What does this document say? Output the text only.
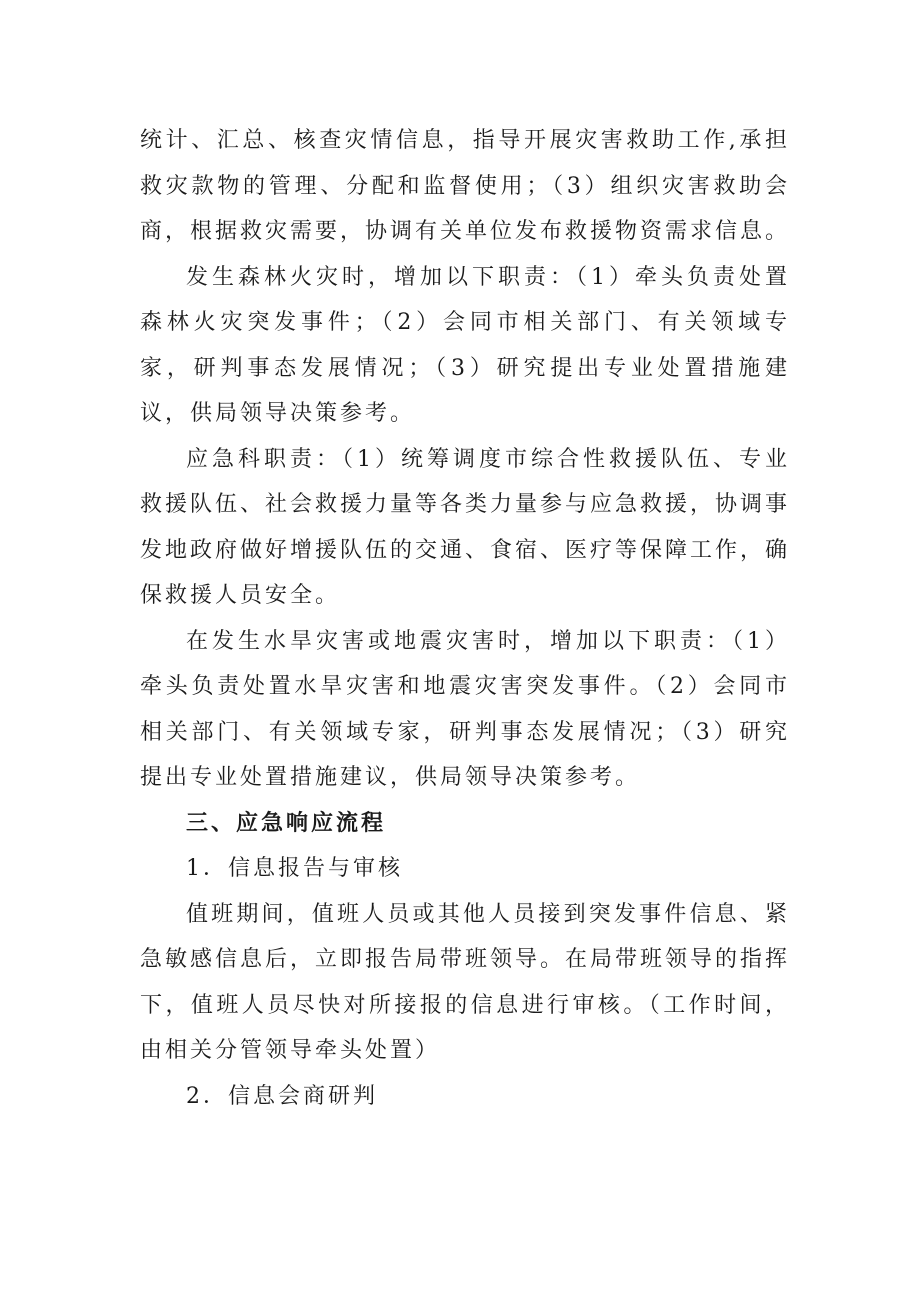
统计、汇总、核查灾情信息，指导开展灾害救助工作,承担救灾款物的管理、分配和监督使用；（3）组织灾害救助会商，根据救灾需要，协调有关单位发布救援物资需求信息。

发生森林火灾时，增加以下职责：（1）牵头负责处置森林火灾突发事件；（2）会同市相关部门、有关领域专家，研判事态发展情况；（3）研究提出专业处置措施建议，供局领导决策参考。

应急科职责：（1）统筹调度市综合性救援队伍、专业救援队伍、社会救援力量等各类力量参与应急救援，协调事发地政府做好增援队伍的交通、食宿、医疗等保障工作，确保救援人员安全。

在发生水旱灾害或地震灾害时，增加以下职责：（1）牵头负责处置水旱灾害和地震灾害突发事件。（2）会同市相关部门、有关领域专家，研判事态发展情况；（3）研究提出专业处置措施建议，供局领导决策参考。

三、应急响应流程

1．信息报告与审核

值班期间，值班人员或其他人员接到突发事件信息、紧急敏感信息后，立即报告局带班领导。在局带班领导的指挥下，值班人员尽快对所接报的信息进行审核。（工作时间，由相关分管领导牵头处置）

2．信息会商研判
